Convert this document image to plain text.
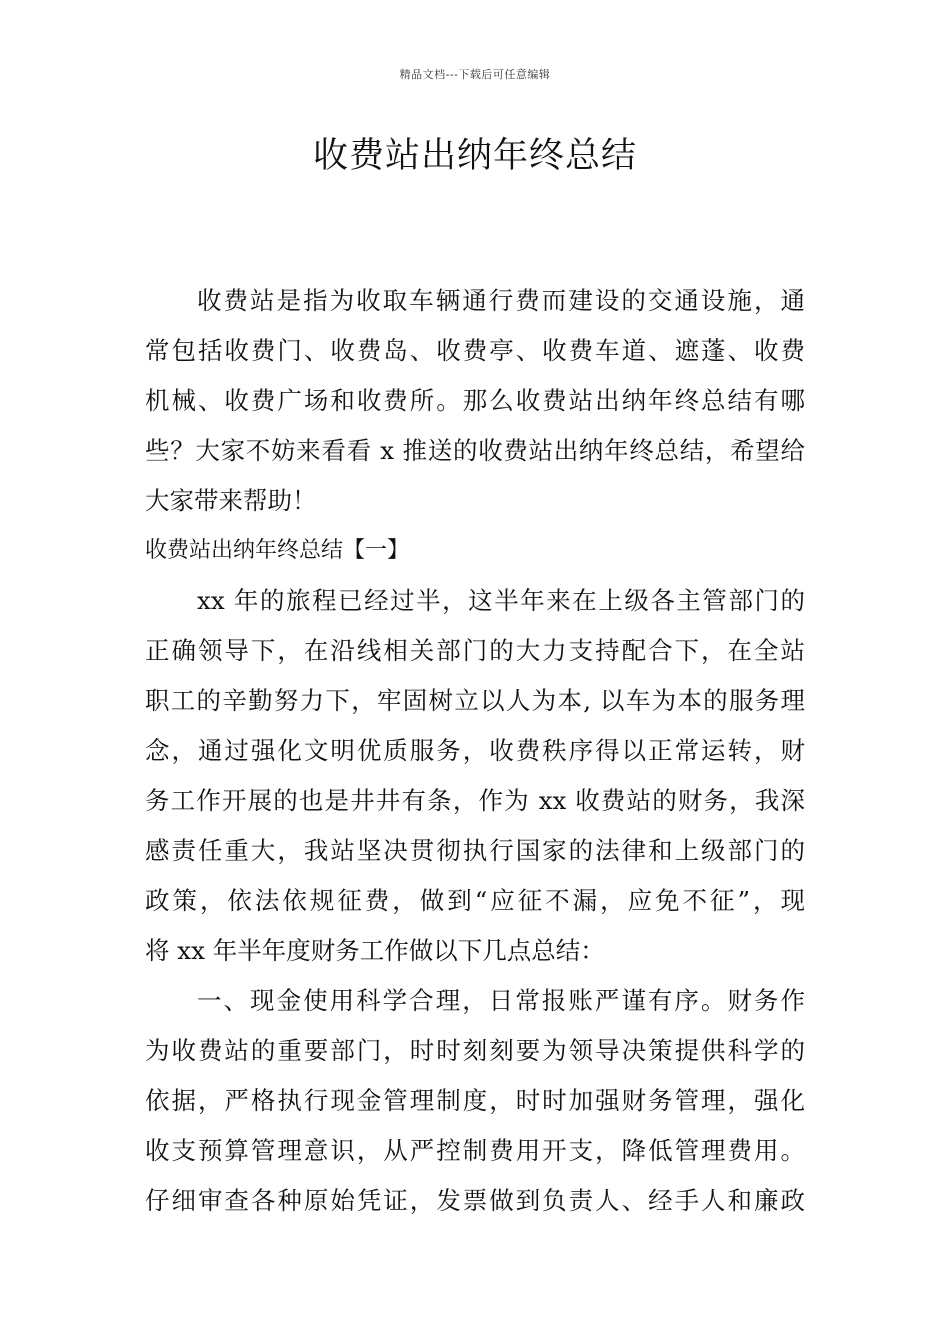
精品文档---下载后可任意编辑
收费站出纳年终总结
收费站是指为收取车辆通行费而建设的交通设施，通
常包括收费门、收费岛、收费亭、收费车道、遮蓬、收费
机械、收费广场和收费所。那么收费站出纳年终总结有哪
些？大家不妨来看看 x 推送的收费站出纳年终总结，希望给
大家带来帮助！
收费站出纳年终总结【一】
xx 年的旅程已经过半，这半年来在上级各主管部门的
正确领导下，在沿线相关部门的大力支持配合下，在全站
职工的辛勤努力下，牢固树立以人为本, 以车为本的服务理
念，通过强化文明优质服务，收费秩序得以正常运转，财
务工作开展的也是井井有条，作为 xx 收费站的财务，我深
感责任重大，我站坚决贯彻执行国家的法律和上级部门的
政策，依法依规征费，做到“应征不漏，应免不征”，现
将 xx 年半年度财务工作做以下几点总结：
一、现金使用科学合理，日常报账严谨有序。财务作
为收费站的重要部门，时时刻刻要为领导决策提供科学的
依据，严格执行现金管理制度，时时加强财务管理，强化
收支预算管理意识，从严控制费用开支，降低管理费用。
仔细审查各种原始凭证，发票做到负责人、经手人和廉政
